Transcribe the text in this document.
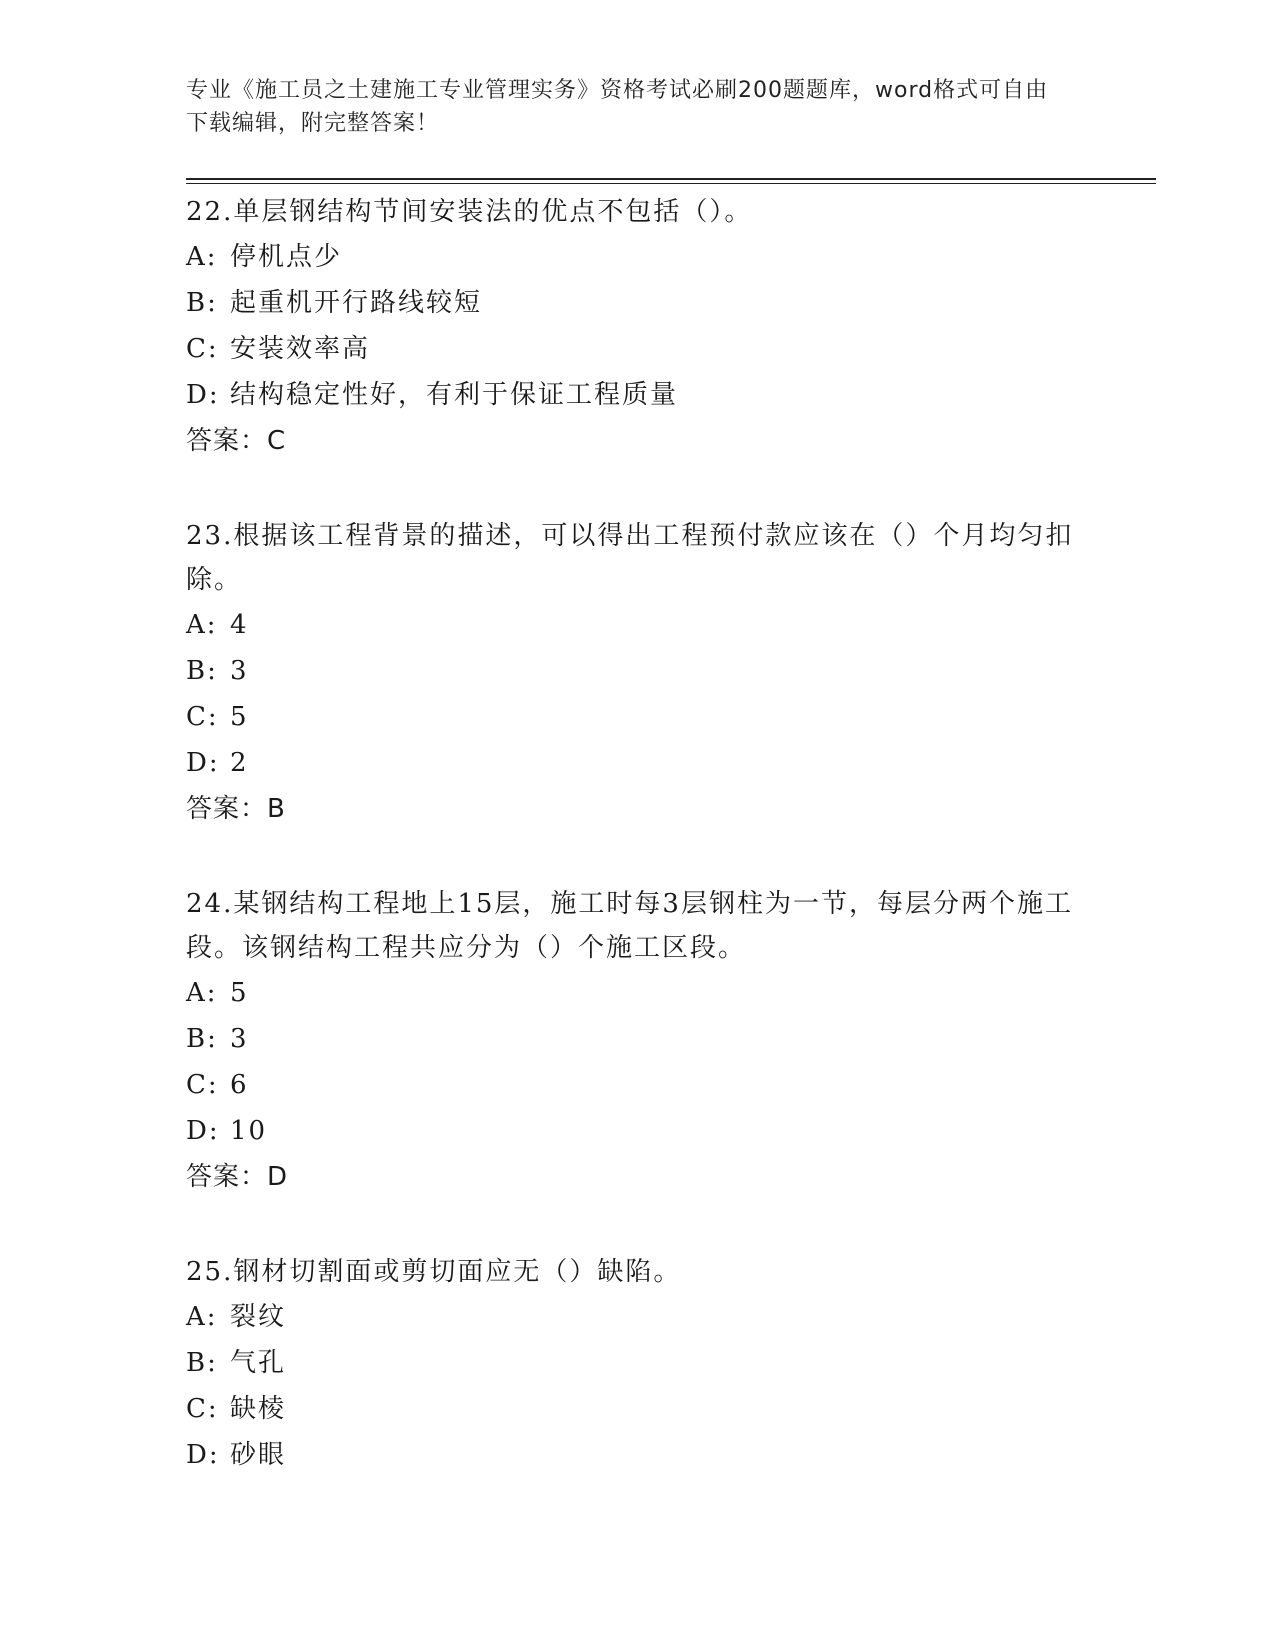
专业《施工员之土建施工专业管理实务》资格考试必刷200题题库，word格式可自由下载编辑，附完整答案！
22.单层钢结构节间安装法的优点不包括（）。
A: 停机点少
B: 起重机开行路线较短
C: 安装效率高
D: 结构稳定性好，有利于保证工程质量
答案：C
23.根据该工程背景的描述，可以得出工程预付款应该在（）个月均匀扣除。
A: 4
B: 3
C: 5
D: 2
答案：B
24.某钢结构工程地上15层，施工时每3层钢柱为一节，每层分两个施工段。该钢结构工程共应分为（）个施工区段。
A: 5
B: 3
C: 6
D: 10
答案：D
25.钢材切割面或剪切面应无（）缺陷。
A: 裂纹
B: 气孔
C: 缺棱
D: 砂眼
